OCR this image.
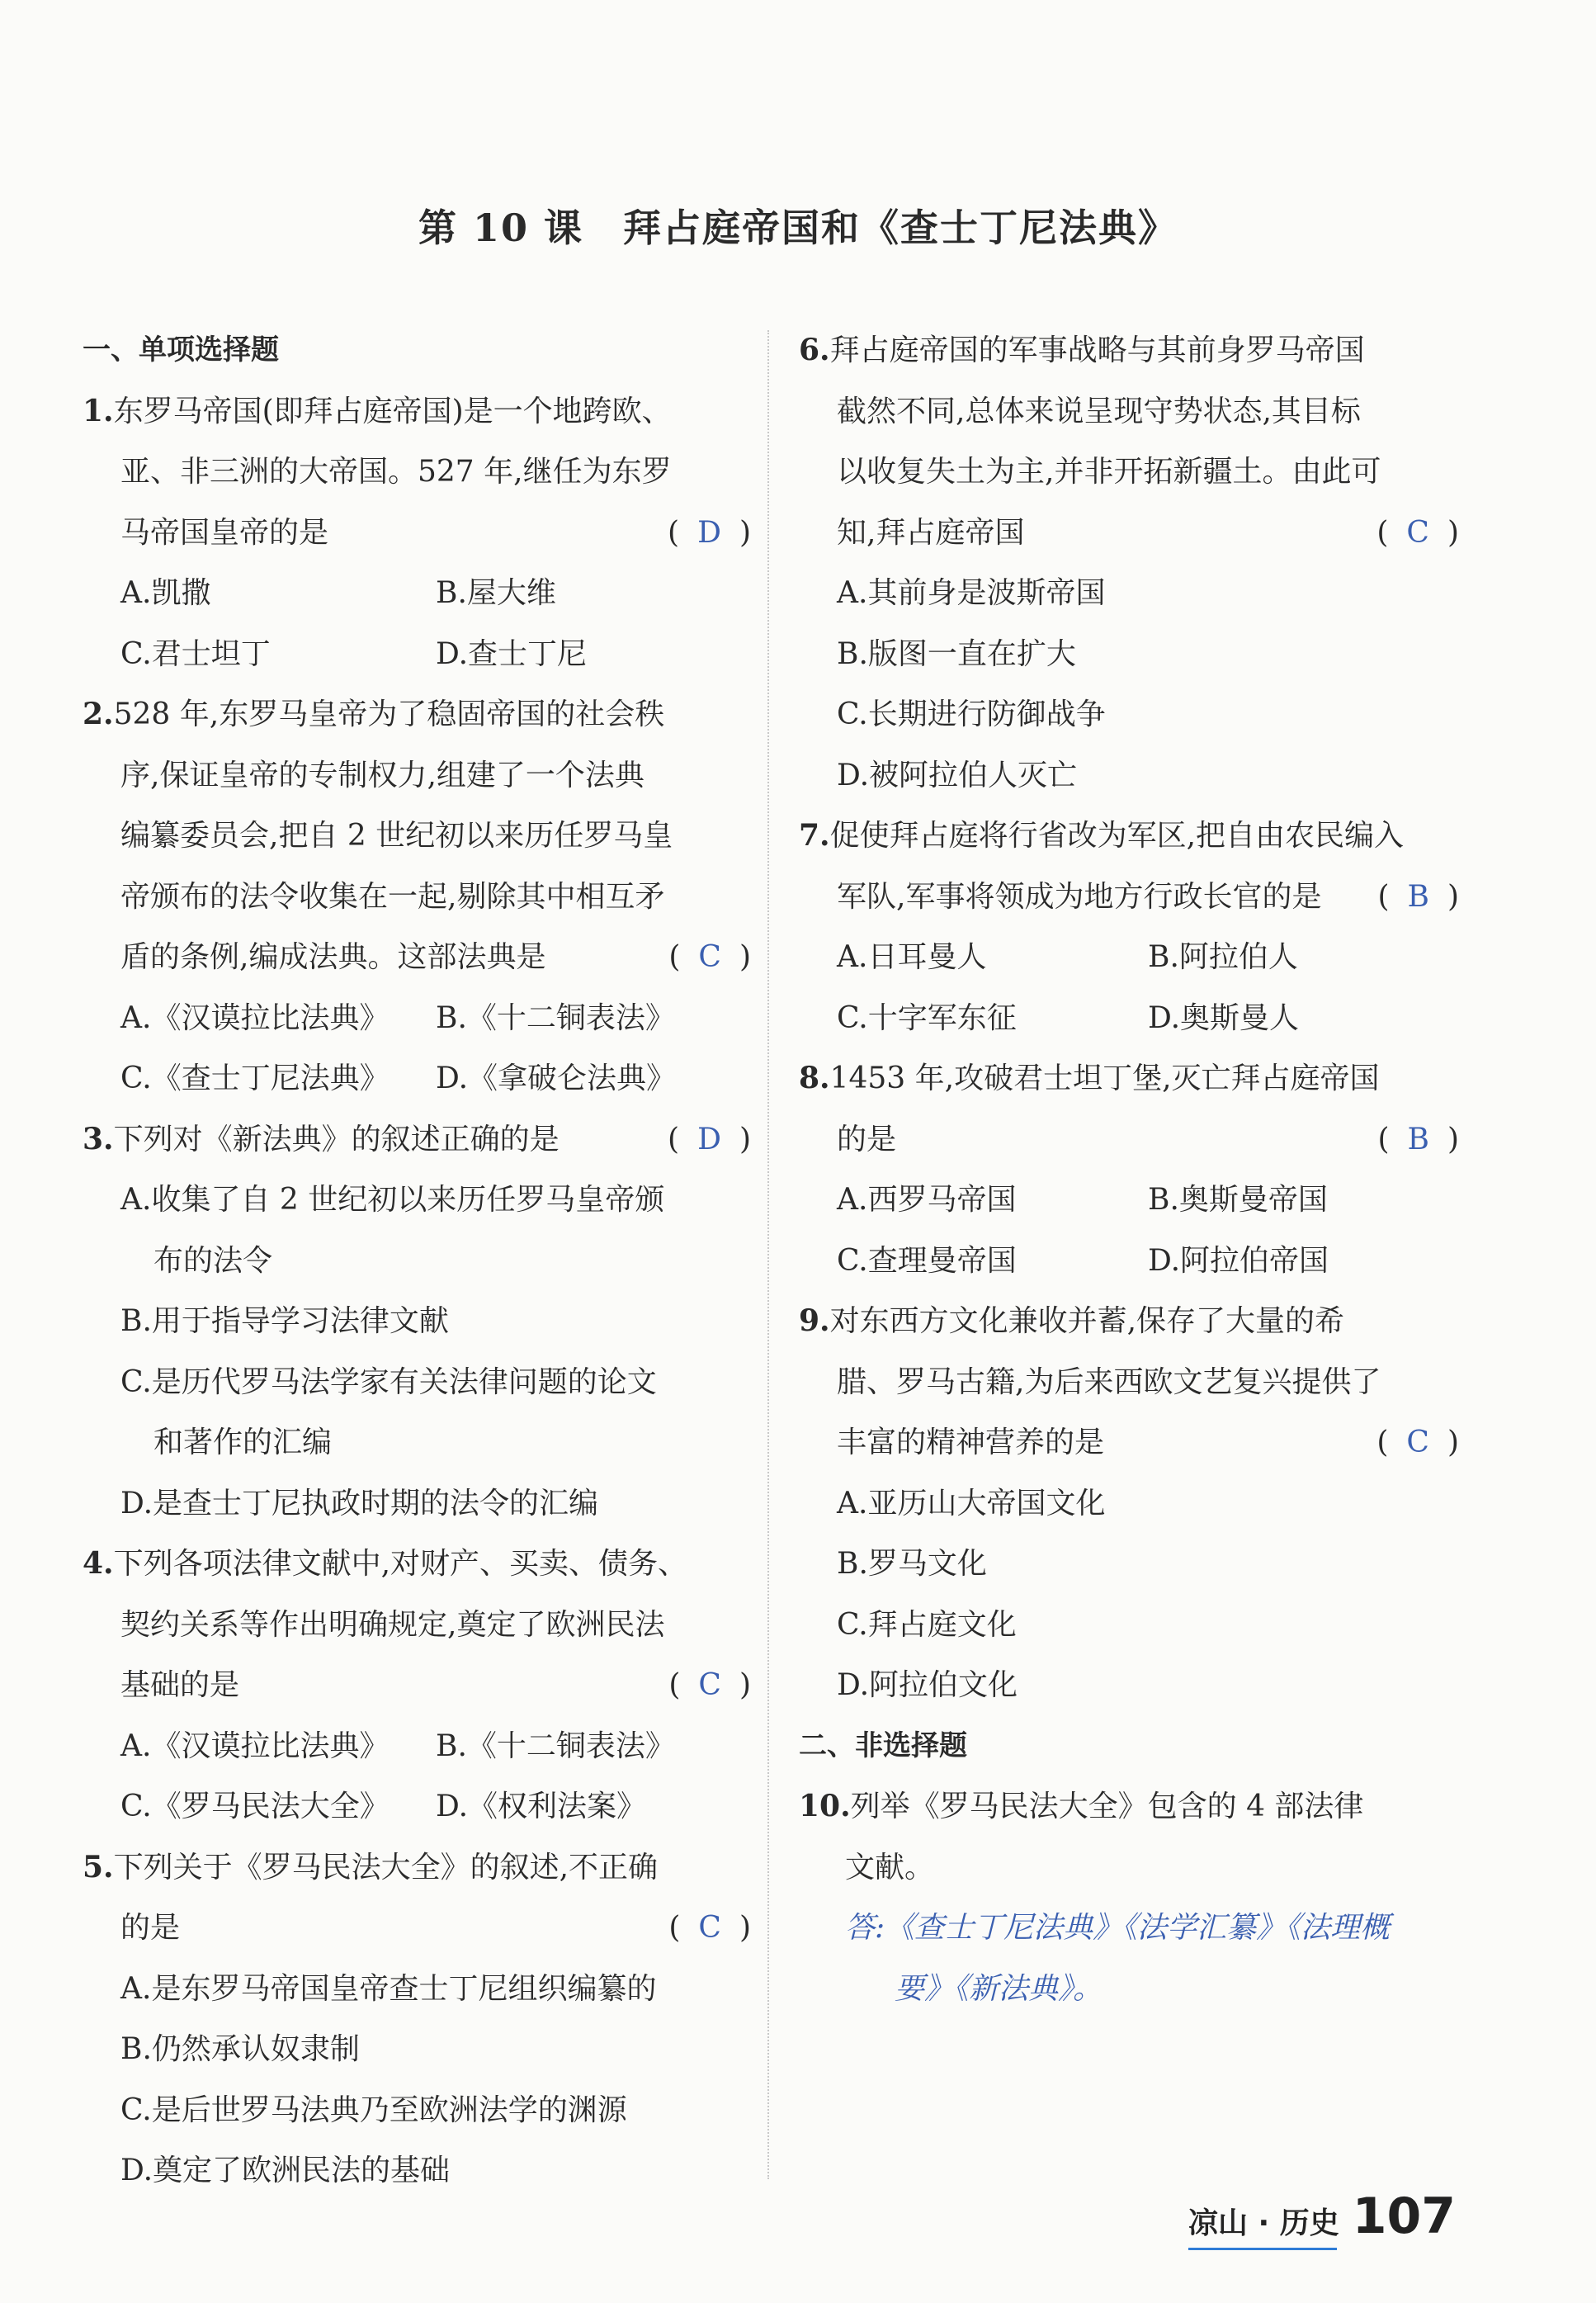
第 10 课　拜占庭帝国和《查士丁尼法典》
一、单项选择题
1.东罗马帝国(即拜占庭帝国)是一个地跨欧、
亚、非三洲的大帝国。527 年,继任为东罗
马帝国皇帝的是	( D )
A.凯撒	B.屋大维
C.君士坦丁	D.查士丁尼
2.528 年,东罗马皇帝为了稳固帝国的社会秩
序,保证皇帝的专制权力,组建了一个法典
编纂委员会,把自 2 世纪初以来历任罗马皇
帝颁布的法令收集在一起,剔除其中相互矛
盾的条例,编成法典。这部法典是	( C )
A.《汉谟拉比法典》	B.《十二铜表法》
C.《查士丁尼法典》	D.《拿破仑法典》
3.下列对《新法典》的叙述正确的是	( D )
A.收集了自 2 世纪初以来历任罗马皇帝颁
布的法令
B.用于指导学习法律文献
C.是历代罗马法学家有关法律问题的论文
和著作的汇编
D.是查士丁尼执政时期的法令的汇编
4.下列各项法律文献中,对财产、买卖、债务、
契约关系等作出明确规定,奠定了欧洲民法
基础的是	( C )
A.《汉谟拉比法典》	B.《十二铜表法》
C.《罗马民法大全》	D.《权利法案》
5.下列关于《罗马民法大全》的叙述,不正确
的是	( C )
A.是东罗马帝国皇帝查士丁尼组织编纂的
B.仍然承认奴隶制
C.是后世罗马法典乃至欧洲法学的渊源
D.奠定了欧洲民法的基础
6.拜占庭帝国的军事战略与其前身罗马帝国
截然不同,总体来说呈现守势状态,其目标
以收复失土为主,并非开拓新疆土。由此可
知,拜占庭帝国	( C )
A.其前身是波斯帝国
B.版图一直在扩大
C.长期进行防御战争
D.被阿拉伯人灭亡
7.促使拜占庭将行省改为军区,把自由农民编入
军队,军事将领成为地方行政长官的是 ( B )
A.日耳曼人	B.阿拉伯人
C.十字军东征	D.奥斯曼人
8.1453 年,攻破君士坦丁堡,灭亡拜占庭帝国
的是	( B )
A.西罗马帝国	B.奥斯曼帝国
C.查理曼帝国	D.阿拉伯帝国
9.对东西方文化兼收并蓄,保存了大量的希
腊、罗马古籍,为后来西欧文艺复兴提供了
丰富的精神营养的是	( C )
A.亚历山大帝国文化
B.罗马文化
C.拜占庭文化
D.阿拉伯文化
二、非选择题
10.列举《罗马民法大全》包含的 4 部法律
文献。
答:《查士丁尼法典》《法学汇纂》《法理概
要》《新法典》。
凉山 · 历史 107
